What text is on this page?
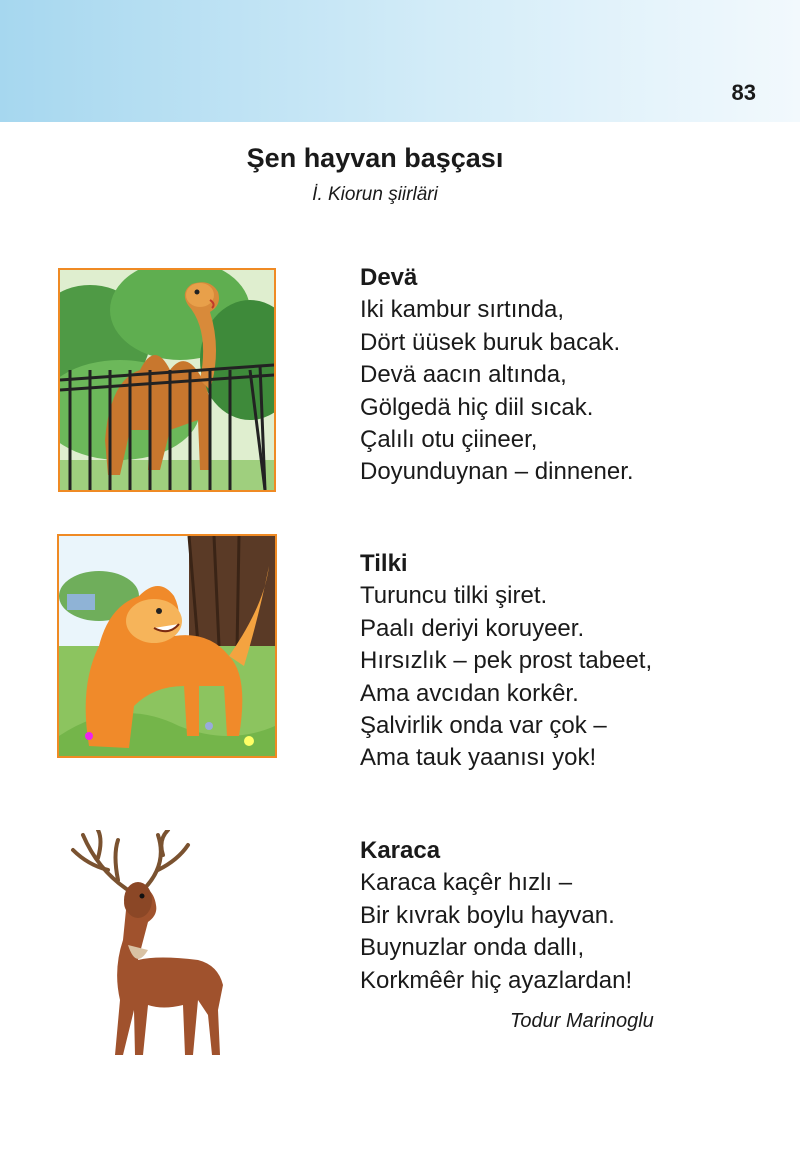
83
Şen hayvan başçası
İ. Kiorun şiirläri
Devä
Iki kambur sırtında,
Dört üüsek buruk bacak.
Devä aacın altında,
Gölgedä hiç diil sıcak.
Çalılı otu çiineer,
Doyunduynan – dinnener.
Tilki
Turuncu tilki şiret.
Paalı deriyi koruyeer.
Hırsızlık – pek prost tabeet,
Ama avcıdan korkêr.
Şalvirlik onda var çok –
Ama tauk yaanısı yok!
Karaca
Karaca kaçêr hızlı –
Bir kıvrak boylu hayvan.
Buynuzlar onda dallı,
Korkmêêr hiç ayazlardan!
Todur Marinoglu
